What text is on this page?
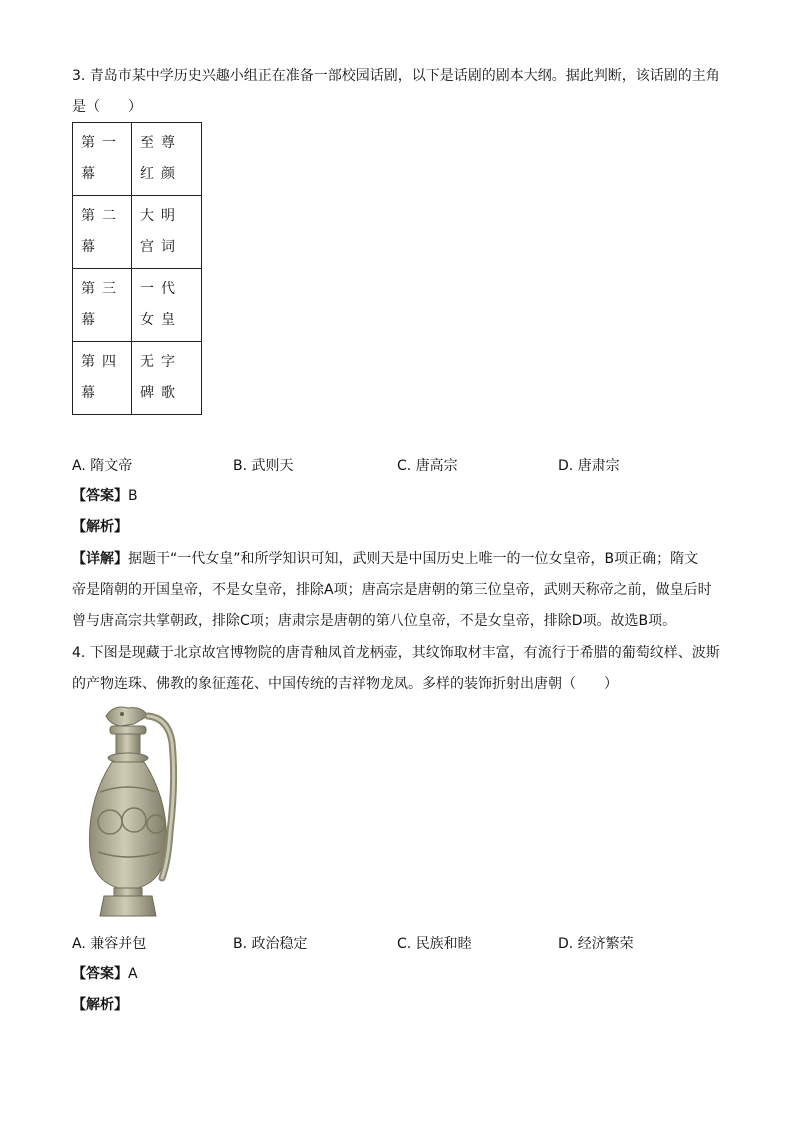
3. 青岛市某中学历史兴趣小组正在准备一部校园话剧，以下是话剧的剧本大纲。据此判断，该话剧的主角
是（　　）
第一幕	至尊红颜

第二幕	大明宫词

第三幕	一代女皇

第四幕	无字碑歌
A. 隋文帝	B. 武则天	C. 唐高宗	D. 唐肃宗
【答案】B
【解析】
【详解】据题干“一代女皇”和所学知识可知，武则天是中国历史上唯一的一位女皇帝，B项正确；隋文
帝是隋朝的开国皇帝，不是女皇帝，排除A项；唐高宗是唐朝的第三位皇帝，武则天称帝之前，做皇后时
曾与唐高宗共掌朝政，排除C项；唐肃宗是唐朝的第八位皇帝，不是女皇帝，排除D项。故选B项。
4. 下图是现藏于北京故宫博物院的唐青釉凤首龙柄壶，其纹饰取材丰富，有流行于希腊的葡萄纹样、波斯
的产物连珠、佛教的象征莲花、中国传统的吉祥物龙凤。多样的装饰折射出唐朝（　　）
A. 兼容并包	B. 政治稳定	C. 民族和睦	D. 经济繁荣
【答案】A
【解析】
